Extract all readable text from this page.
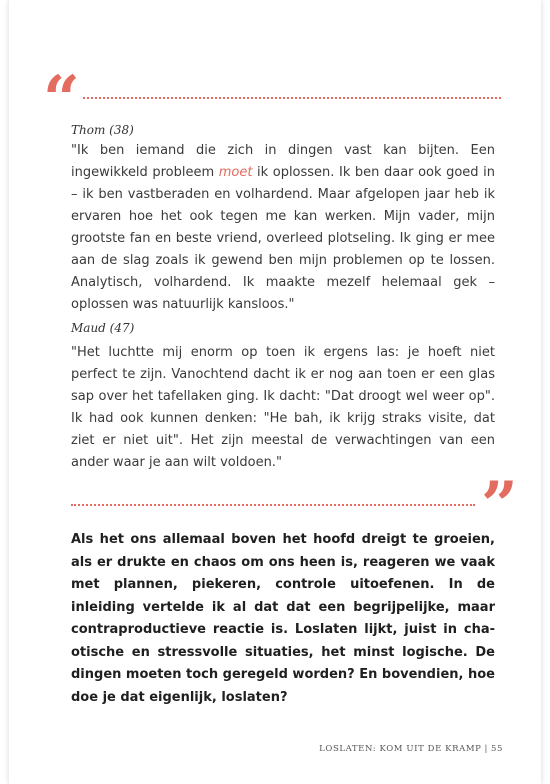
“
Thom (38)

"Ik ben iemand die zich in dingen vast kan bijten. Een ingewikkeld probleem moet ik oplossen. Ik ben daar ook goed in – ik ben vastberaden en volhardend. Maar afgelopen jaar heb ik ervaren hoe het ook tegen me kan werken. Mijn vader, mijn grootste fan en beste vriend, overleed plotseling. Ik ging er mee aan de slag zoals ik gewend ben mijn problemen op te lossen. Analytisch, volhardend. Ik maakte mezelf helemaal gek – oplossen was natuurlijk kansloos."

Maud (47)

"Het luchtte mij enorm op toen ik ergens las: je hoeft niet perfect te zijn. Vanochtend dacht ik er nog aan toen er een glas sap over het tafellaken ging. Ik dacht: "Dat droogt wel weer op". Ik had ook kunnen denken: "He bah, ik krijg straks visite, dat ziet er niet uit". Het zijn meestal de verwachtingen van een ander waar je aan wilt voldoen."

”

Als het ons allemaal boven het hoofd dreigt te groeien, als er drukte en chaos om ons heen is, reageren we vaak met plannen, piekeren, controle uitoefenen. In de inleiding vertelde ik al dat dat een begrijpelijke, maar contraproductieve reactie is. Loslaten lijkt, juist in chaotische en stressvolle situaties, het minst logische. De dingen moeten toch geregeld worden? En bovendien, hoe doe je dat eigenlijk, loslaten?

LOSLATEN: KOM UIT DE KRAMP | 55
